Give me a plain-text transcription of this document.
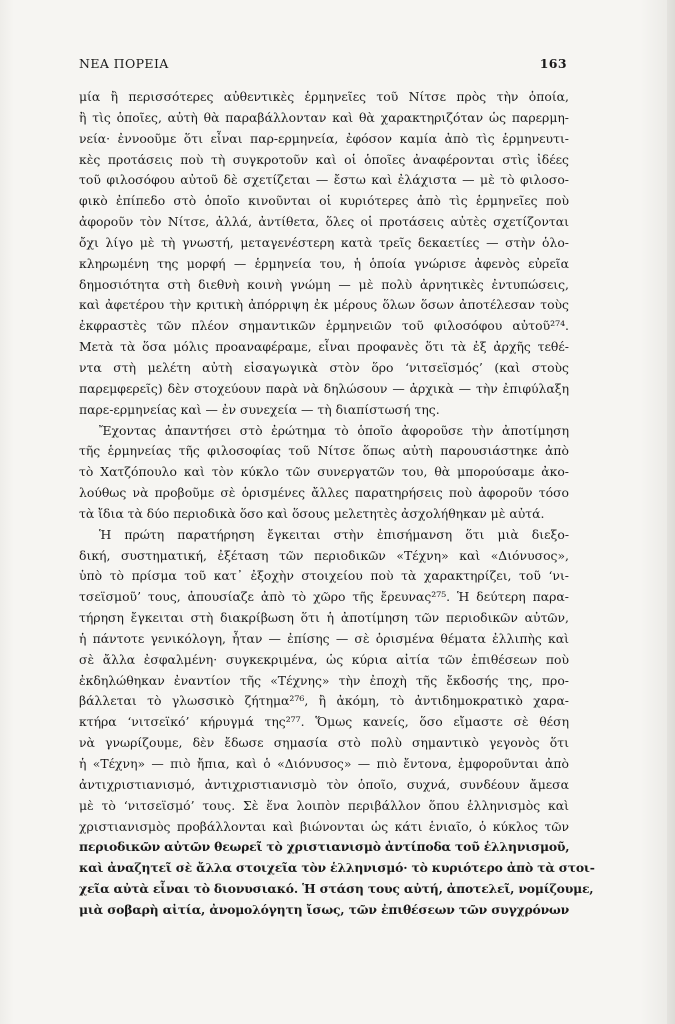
ΝΕΑ ΠΟΡΕΙΑ	163
μία ἢ περισσότερες αὐθεντικὲς ἑρμηνεῖες τοῦ Νίτσε πρὸς τὴν ὁποία,
ἢ τὶς ὁποῖες, αὐτὴ θὰ παραβάλλονταν καὶ θὰ χαρακτηριζόταν ὡς παρερμη-
νεία· ἐννοοῦμε ὅτι εἶναι παρ-ερμηνεία, ἐφόσον καμία ἀπὸ τὶς ἑρμηνευτι-
κὲς προτάσεις ποὺ τὴ συγκροτοῦν καὶ οἱ ὁποῖες ἀναφέρονται στὶς ἰδέες
τοῦ φιλοσόφου αὐτοῦ δὲ σχετίζεται — ἔστω καὶ ἐλάχιστα — μὲ τὸ φιλοσο-
φικὸ ἐπίπεδο στὸ ὁποῖο κινοῦνται οἱ κυριότερες ἀπὸ τὶς ἑρμηνεῖες ποὺ
ἀφοροῦν τὸν Νίτσε, ἀλλά, ἀντίθετα, ὅλες οἱ προτάσεις αὐτὲς σχετίζονται
ὄχι λίγο μὲ τὴ γνωστή, μεταγενέστερη κατὰ τρεῖς δεκαετίες — στὴν ὁλο-
κληρωμένη της μορφή — ἑρμηνεία του, ἡ ὁποία γνώρισε ἀφενὸς εὐρεῖα
δημοσιότητα στὴ διεθνὴ κοινὴ γνώμη — μὲ πολὺ ἀρνητικὲς ἐντυπώσεις,
καὶ ἀφετέρου τὴν κριτικὴ ἀπόρριψη ἐκ μέρους ὅλων ὅσων ἀποτέλεσαν τοὺς
ἐκφραστὲς τῶν πλέον σημαντικῶν ἑρμηνειῶν τοῦ φιλοσόφου αὐτοῦ²⁷⁴.
Μετὰ τὰ ὅσα μόλις προαναφέραμε, εἶναι προφανὲς ὅτι τὰ ἐξ ἀρχῆς τεθέ-
ντα στὴ μελέτη αὐτὴ εἰσαγωγικὰ στὸν ὅρο ‘νιτσεϊσμός’ (καὶ στοὺς
παρεμφερεῖς) δὲν στοχεύουν παρὰ νὰ δηλώσουν — ἀρχικὰ — τὴν ἐπιφύλαξη
παρε-ερμηνείας καὶ — ἐν συνεχεία — τὴ διαπίστωσή της.
Ἔχοντας ἀπαντήσει στὸ ἐρώτημα τὸ ὁποῖο ἀφοροῦσε τὴν ἀποτίμηση
τῆς ἑρμηνείας τῆς φιλοσοφίας τοῦ Νίτσε ὅπως αὐτὴ παρουσιάστηκε ἀπὸ
τὸ Χατζόπουλο καὶ τὸν κύκλο τῶν συνεργατῶν του, θὰ μπορούσαμε ἀκο-
λούθως νὰ προβοῦμε σὲ ὁρισμένες ἄλλες παρατηρήσεις ποὺ ἀφοροῦν τόσο
τὰ ἴδια τὰ δύο περιοδικὰ ὅσο καὶ ὅσους μελετητὲς ἀσχολήθηκαν μὲ αὐτά.
Ἡ πρώτη παρατήρηση ἔγκειται στὴν ἐπισήμανση ὅτι μιὰ διεξο-
δική, συστηματική, ἐξέταση τῶν περιοδικῶν «Τέχνη» καὶ «Διόνυσος»,
ὑπὸ τὸ πρίσμα τοῦ κατ᾽ ἐξοχὴν στοιχείου ποὺ τὰ χαρακτηρίζει, τοῦ ‘νι-
τσεϊσμοῦ’ τους, ἀπουσίαζε ἀπὸ τὸ χῶρο τῆς ἔρευνας²⁷⁵. Ἡ δεύτερη παρα-
τήρηση ἔγκειται στὴ διακρίβωση ὅτι ἡ ἀποτίμηση τῶν περιοδικῶν αὐτῶν,
ἡ πάντοτε γενικόλογη, ἦταν — ἐπίσης — σὲ ὁρισμένα θέματα ἐλλιπὴς καὶ
σὲ ἄλλα ἐσφαλμένη· συγκεκριμένα, ὡς κύρια αἰτία τῶν ἐπιθέσεων ποὺ
ἐκδηλώθηκαν ἐναντίον τῆς «Τέχνης» τὴν ἐποχὴ τῆς ἔκδοσής της, προ-
βάλλεται τὸ γλωσσικὸ ζήτημα²⁷⁶, ἢ ἀκόμη, τὸ ἀντιδημοκρατικὸ χαρα-
κτήρα ‘νιτσεϊκό’ κήρυγμά της²⁷⁷. Ὅμως κανείς, ὅσο εἴμαστε σὲ θέση
νὰ γνωρίζουμε, δὲν ἔδωσε σημασία στὸ πολὺ σημαντικὸ γεγονὸς ὅτι
ἡ «Τέχνη» — πιὸ ἤπια, καὶ ὁ «Διόνυσος» — πιὸ ἔντονα, ἐμφοροῦνται ἀπὸ
ἀντιχριστιανισμό, ἀντιχριστιανισμὸ τὸν ὁποῖο, συχνά, συνδέουν ἄμεσα
μὲ τὸ ‘νιτσεϊσμό’ τους. Σὲ ἕνα λοιπὸν περιβάλλον ὅπου ἑλληνισμὸς καὶ
χριστιανισμὸς προβάλλονται καὶ βιώνονται ὡς κάτι ἑνιαῖο, ὁ κύκλος τῶν
περιοδικῶν αὐτῶν θεωρεῖ τὸ χριστιανισμὸ ἀντίποδα τοῦ ἑλληνισμοῦ,
καὶ ἀναζητεῖ σὲ ἄλλα στοιχεῖα τὸν ἑλληνισμό· τὸ κυριότερο ἀπὸ τὰ στοι-
χεῖα αὐτὰ εἶναι τὸ διονυσιακό. Ἡ στάση τους αὐτή, ἀποτελεῖ, νομίζουμε,
μιὰ σοβαρὴ αἰτία, ἀνομολόγητη ἴσως, τῶν ἐπιθέσεων τῶν συγχρόνων
